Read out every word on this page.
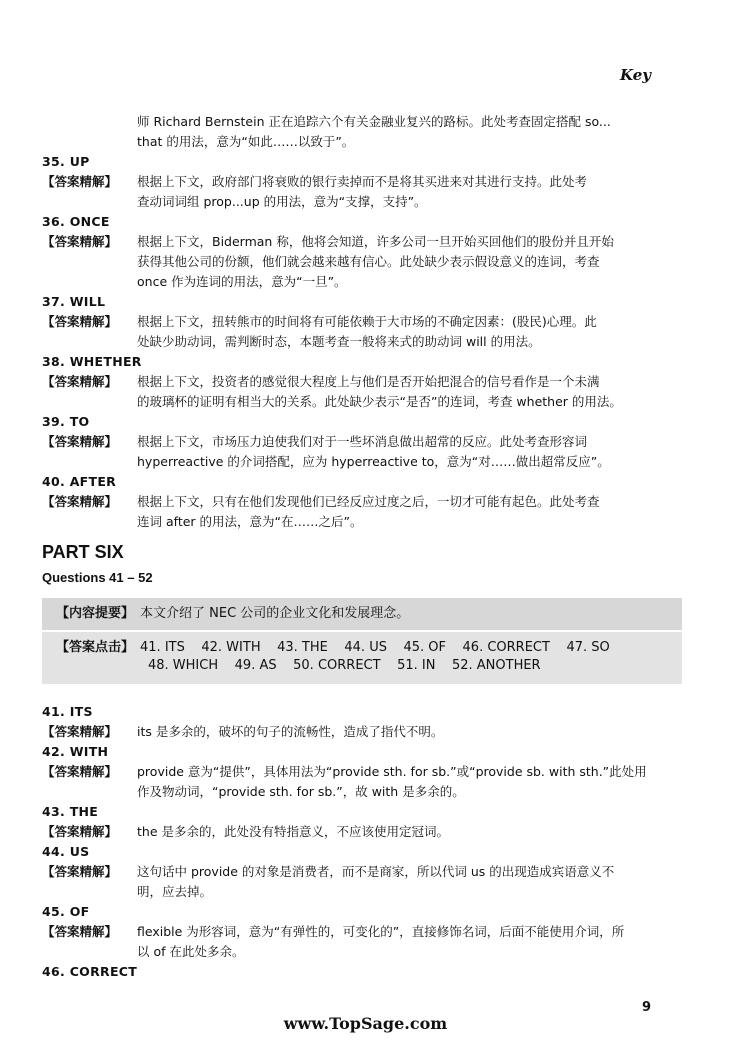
Key
师 Richard Bernstein 正在追踪六个有关金融业复兴的路标。此处考查固定搭配 so...
that 的用法，意为“如此……以致于”。
35. UP
【答案精解】 根据上下文，政府部门将衰败的银行卖掉而不是将其买进来对其进行支持。此处考
查动词词组 prop...up 的用法，意为“支撑，支持”。
36. ONCE
【答案精解】 根据上下文，Biderman 称，他将会知道，许多公司一旦开始买回他们的股份并且开始
获得其他公司的份额，他们就会越来越有信心。此处缺少表示假设意义的连词，考查
once 作为连词的用法，意为“一旦”。
37. WILL
【答案精解】 根据上下文，扭转熊市的时间将有可能依赖于大市场的不确定因素：(股民)心理。此
处缺少助动词，需判断时态，本题考查一般将来式的助动词 will 的用法。
38. WHETHER
【答案精解】 根据上下文，投资者的感觉很大程度上与他们是否开始把混合的信号看作是一个未满
的玻璃杯的证明有相当大的关系。此处缺少表示“是否”的连词，考查 whether 的用法。
39. TO
【答案精解】 根据上下文，市场压力迫使我们对于一些坏消息做出超常的反应。此处考查形容词
hyperreactive 的介词搭配，应为 hyperreactive to，意为“对……做出超常反应”。
40. AFTER
【答案精解】 根据上下文，只有在他们发现他们已经反应过度之后，一切才可能有起色。此处考查
连词 after 的用法，意为“在……之后”。
PART SIX
Questions 41 – 52
【内容提要】 本文介绍了 NEC 公司的企业文化和发展理念。
【答案点击】 41. ITS    42. WITH    43. THE    44. US    45. OF    46. CORRECT    47. SO
48. WHICH    49. AS    50. CORRECT    51. IN    52. ANOTHER
41. ITS
【答案精解】 its 是多余的，破坏的句子的流畅性，造成了指代不明。
42. WITH
【答案精解】 provide 意为“提供”，具体用法为“provide sth. for sb.”或“provide sb. with sth.”此处用
作及物动词，“provide sth. for sb.”，故 with 是多余的。
43. THE
【答案精解】 the 是多余的，此处没有特指意义，不应该使用定冠词。
44. US
【答案精解】 这句话中 provide 的对象是消费者，而不是商家，所以代词 us 的出现造成宾语意义不
明，应去掉。
45. OF
【答案精解】 flexible 为形容词，意为“有弹性的，可变化的”，直接修饰名词，后面不能使用介词，所
以 of 在此处多余。
46. CORRECT
9
www.TopSage.com
